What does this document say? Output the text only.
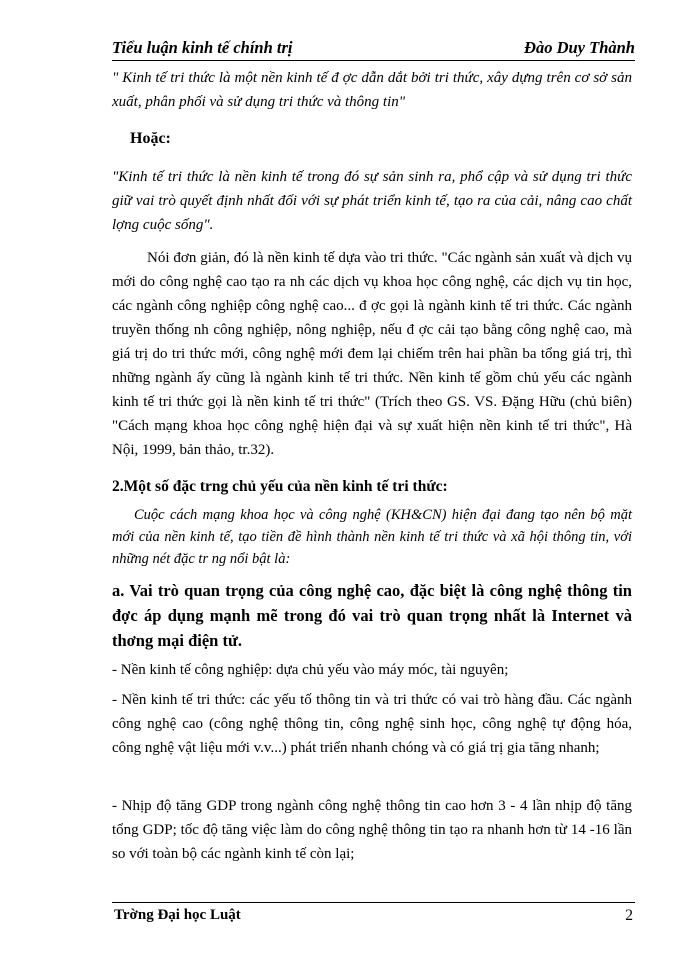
Tiểu luận kinh tế chính trị	Đào Duy Thành
" Kinh tế tri thức là một nền kinh tế đ ợc dẫn dắt bởi tri thức, xây dựng trên cơ sở sản xuất, phân phối và sử dụng tri thức và thông tin"
Hoặc:
"Kinh tế tri thức là nền kinh tế trong đó sự sản sinh ra, phổ cập và sử dụng tri thức giữ vai trò quyết định nhất đối với sự phát triển kinh tế, tạo ra của cải, nâng cao chất lợng cuộc sống".
Nói đơn giản, đó là nền kinh tế dựa vào tri thức. "Các ngành sản xuất và dịch vụ mới do công nghệ cao tạo ra nh các dịch vụ khoa học công nghệ, các dịch vụ tin học, các ngành công nghiệp công nghệ cao... đ ợc gọi là ngành kinh tế tri thức. Các ngành truyền thống nh công nghiệp, nông nghiệp, nếu đ ợc cải tạo bằng công nghệ cao, mà giá trị do tri thức mới, công nghệ mới đem lại chiếm trên hai phần ba tổng giá trị, thì những ngành ấy cũng là ngành kinh tế tri thức. Nền kinh tế gồm chủ yếu các ngành kinh tế tri thức gọi là nền kinh tế tri thức" (Trích theo GS. VS. Đặng Hữu (chủ biên) "Cách mạng khoa học công nghệ hiện đại và sự xuất hiện nền kinh tế tri thức", Hà Nội, 1999, bản thảo, tr.32).
2.Một số đặc trng chủ yếu của nền kinh tế tri thức:
Cuộc cách mạng khoa học và công nghệ (KH&CN) hiện đại đang tạo nên bộ mặt mới của nền kinh tế, tạo tiền đề hình thành nền kinh tế tri thức và xã hội thông tin, với những nét đặc tr ng nổi bật là:
a. Vai trò quan trọng của công nghệ cao, đặc biệt là công nghệ thông tin đợc áp dụng mạnh mẽ trong đó vai trò quan trọng nhất là Internet và thơng mại điện tử.
- Nền kinh tế công nghiệp: dựa chủ yếu vào máy móc, tài nguyên;
- Nền kinh tế tri thức: các yếu tố thông tin và tri thức có vai trò hàng đầu. Các ngành công nghệ cao (công nghệ thông tin, công nghệ sinh học, công nghệ tự động hóa, công nghệ vật liệu mới v.v...) phát triển nhanh chóng và có giá trị gia tăng nhanh;
- Nhịp độ tăng GDP trong ngành công nghệ thông tin cao hơn 3 - 4 lần nhịp độ tăng tổng GDP; tốc độ tăng việc làm do công nghệ thông tin tạo ra nhanh hơn từ 14 -16 lần so với toàn bộ các ngành kinh tế còn lại;
Trờng Đại học Luật	2
